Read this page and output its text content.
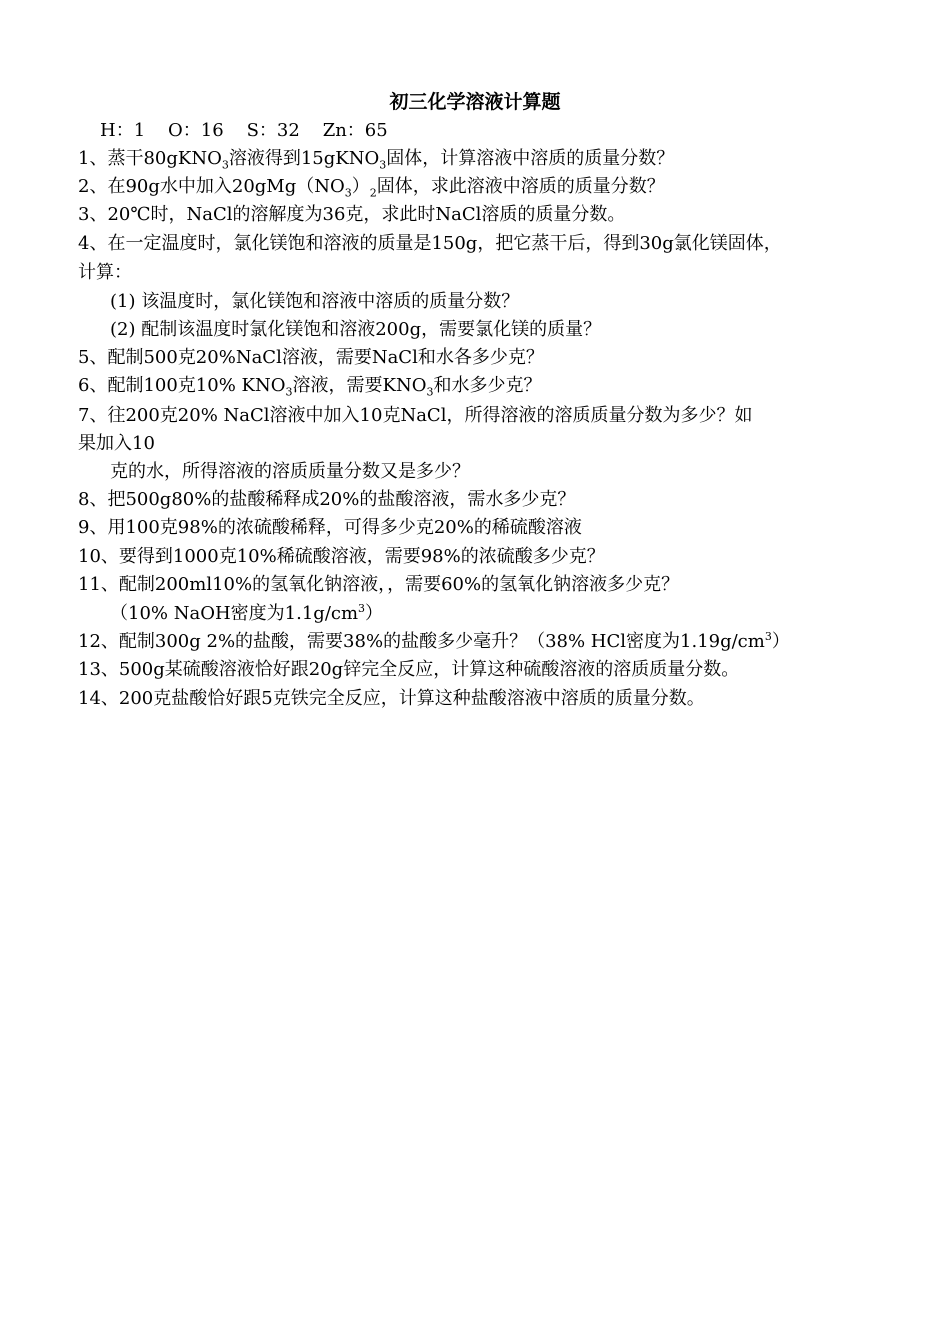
初三化学溶液计算题
H：1    O：16    S：32    Zn：65
1、蒸干80gKNO$_3$溶液得到15gKNO$_3$固体，计算溶液中溶质的质量分数？
2、在90g水中加入$20gMg(NO_3)_2$固体，求此溶液中溶质的质量分数？
3、20℃时，NaCl的溶解度为36克，求此时NaCl溶质的质量分数。
4、在一定温度时，氯化镁饱和溶液的质量是150g，把它蒸干后，得到30g氯化镁固体，
计算：
(1) 该温度时，氯化镁饱和溶液中溶质的质量分数？
(2) 配制该温度时氯化镁饱和溶液200g，需要氯化镁的质量？
5、配制500克20%NaCl溶液，需要NaCl和水各多少克？
6、配制100克10% $KNO_3$溶液，需要$KNO_3$和水多少克？
7、往200克20% NaCl溶液中加入10克NaCl，所得溶液的溶质质量分数为多少？如
果加入10
克的水，所得溶液的溶质质量分数又是多少？
8、把500g80%的盐酸稀释成20%的盐酸溶液，需水多少克？
9、用100克98%的浓硫酸稀释，可得多少克20%的稀硫酸溶液
10、要得到1000克10%稀硫酸溶液，需要98%的浓硫酸多少克？
11、配制200ml10%的氢氧化钠溶液，，需要60%的氢氧化钠溶液多少克？
（10% NaOH密度为$1.1g/cm^3$）
12、配制300g 2%的盐酸，需要38%的盐酸多少毫升？（38% HCl密度为$1.19g/cm^3$）
13、500g某硫酸溶液恰好跟20g锌完全反应，计算这种硫酸溶液的溶质质量分数。
14、200克盐酸恰好跟5克铁完全反应，计算这种盐酸溶液中溶质的质量分数。
